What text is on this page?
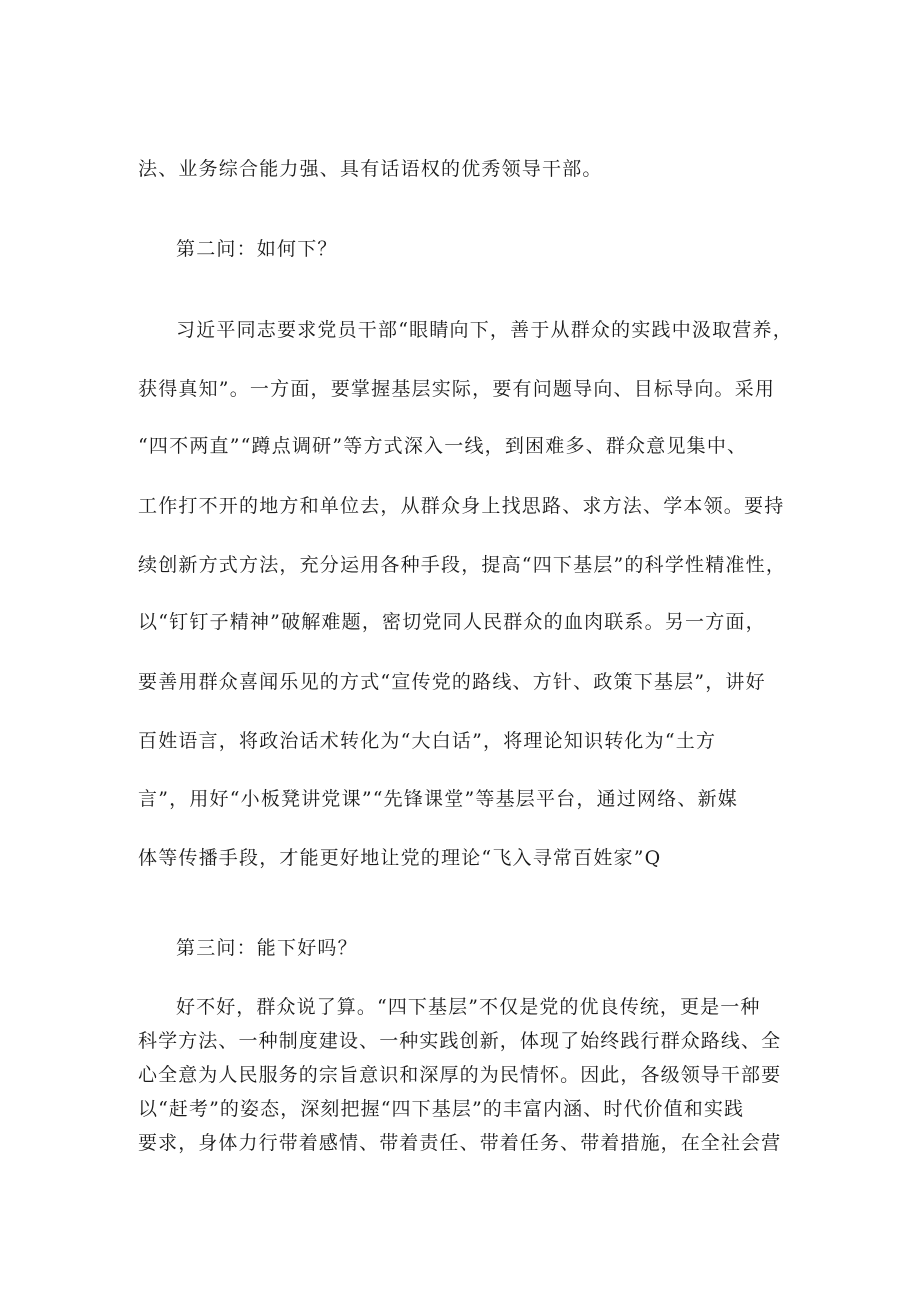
法、业务综合能力强、具有话语权的优秀领导干部。

第二问：如何下？

习近平同志要求党员干部“眼睛向下，善于从群众的实践中汲取营养，

获得真知”。一方面，要掌握基层实际，要有问题导向、目标导向。采用

“四不两直”“蹲点调研”等方式深入一线，到困难多、群众意见集中、

工作打不开的地方和单位去，从群众身上找思路、求方法、学本领。要持

续创新方式方法，充分运用各种手段，提高“四下基层”的科学性精准性，

以“钉钉子精神”破解难题，密切党同人民群众的血肉联系。另一方面，

要善用群众喜闻乐见的方式“宣传党的路线、方针、政策下基层”，讲好

百姓语言，将政治话术转化为“大白话”，将理论知识转化为“土方

言”，用好“小板凳讲党课”“先锋课堂”等基层平台，通过网络、新媒

体等传播手段，才能更好地让党的理论“飞入寻常百姓家”Q

第三问：能下好吗？

好不好，群众说了算。“四下基层”不仅是党的优良传统，更是一种

科学方法、一种制度建设、一种实践创新，体现了始终践行群众路线、全

心全意为人民服务的宗旨意识和深厚的为民情怀。因此，各级领导干部要

以“赶考”的姿态，深刻把握“四下基层”的丰富内涵、时代价值和实践

要求，身体力行带着感情、带着责任、带着任务、带着措施，在全社会营
